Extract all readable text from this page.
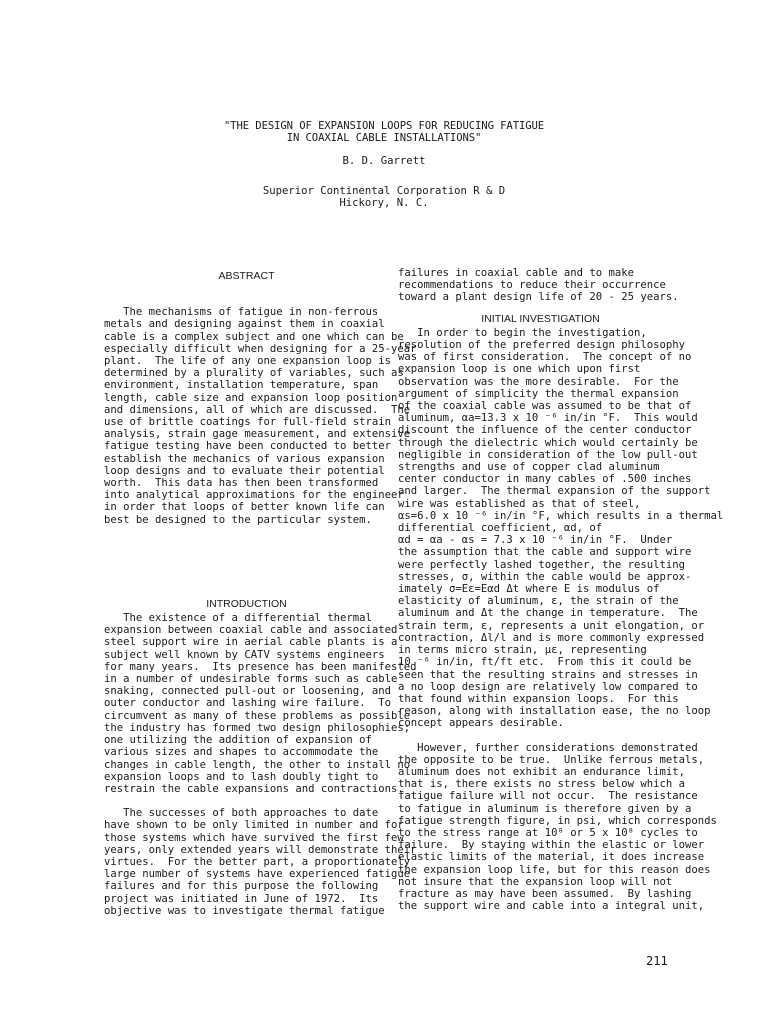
"THE DESIGN OF EXPANSION LOOPS FOR REDUCING FATIGUE
IN COAXIAL CABLE INSTALLATIONS"
B. D. Garrett
Superior Continental Corporation R & D
Hickory, N. C.
ABSTRACT
The mechanisms of fatigue in non-ferrous
metals and designing against them in coaxial
cable is a complex subject and one which can be
especially difficult when designing for a 25-year
plant.  The life of any one expansion loop is
determined by a plurality of variables, such as
environment, installation temperature, span
length, cable size and expansion loop position
and dimensions, all of which are discussed.  The
use of brittle coatings for full-field strain
analysis, strain gage measurement, and extensive
fatigue testing have been conducted to better
establish the mechanics of various expansion
loop designs and to evaluate their potential
worth.  This data has then been transformed
into analytical approximations for the engineer
in order that loops of better known life can
best be designed to the particular system.
INTRODUCTION
The existence of a differential thermal
expansion between coaxial cable and associated
steel support wire in aerial cable plants is a
subject well known by CATV systems engineers
for many years.  Its presence has been manifested
in a number of undesirable forms such as cable
snaking, connected pull-out or loosening, and
outer conductor and lashing wire failure.  To
circumvent as many of these problems as possible
the industry has formed two design philosophies;
one utilizing the addition of expansion of
various sizes and shapes to accommodate the
changes in cable length, the other to install no
expansion loops and to lash doubly tight to
restrain the cable expansions and contractions.
The successes of both approaches to date
have shown to be only limited in number and for
those systems which have survived the first few
years, only extended years will demonstrate their
virtues.  For the better part, a proportionately
large number of systems have experienced fatigue
failures and for this purpose the following
project was initiated in June of 1972.  Its
objective was to investigate thermal fatigue
failures in coaxial cable and to make
recommendations to reduce their occurrence
toward a plant design life of 20 - 25 years.
INITIAL INVESTIGATION
In order to begin the investigation,
resolution of the preferred design philosophy
was of first consideration.  The concept of no
expansion loop is one which upon first
observation was the more desirable.  For the
argument of simplicity the thermal expansion
of the coaxial cable was assumed to be that of
aluminum, αa=13.3 x 10 ⁻⁶ in/in °F.  This would
discount the influence of the center conductor
through the dielectric which would certainly be
negligible in consideration of the low pull-out
strengths and use of copper clad aluminum
center conductor in many cables of .500 inches
and larger.  The thermal expansion of the support
wire was established as that of steel,
αs=6.0 x 10 ⁻⁶ in/in °F, which results in a thermal
differential coefficient, αd, of
αd = αa - αs = 7.3 x 10 ⁻⁶ in/in °F.  Under
the assumption that the cable and support wire
were perfectly lashed together, the resulting
stresses, σ, within the cable would be approx-
imately σ=Eε=Eαd Δt where E is modulus of
elasticity of aluminum, ε, the strain of the
aluminum and Δt the change in temperature.  The
strain term, ε, represents a unit elongation, or
contraction, Δl/l and is more commonly expressed
in terms micro strain, με, representing
10 ⁻⁶ in/in, ft/ft etc.  From this it could be
seen that the resulting strains and stresses in
a no loop design are relatively low compared to
that found within expansion loops.  For this
reason, along with installation ease, the no loop
concept appears desirable.
However, further considerations demonstrated
the opposite to be true.  Unlike ferrous metals,
aluminum does not exhibit an endurance limit,
that is, there exists no stress below which a
fatigue failure will not occur.  The resistance
to fatigue in aluminum is therefore given by a
fatigue strength figure, in psi, which corresponds
to the stress range at 10⁸ or 5 x 10⁸ cycles to
failure.  By staying within the elastic or lower
elastic limits of the material, it does increase
the expansion loop life, but for this reason does
not insure that the expansion loop will not
fracture as may have been assumed.  By lashing
the support wire and cable into a integral unit,
211
